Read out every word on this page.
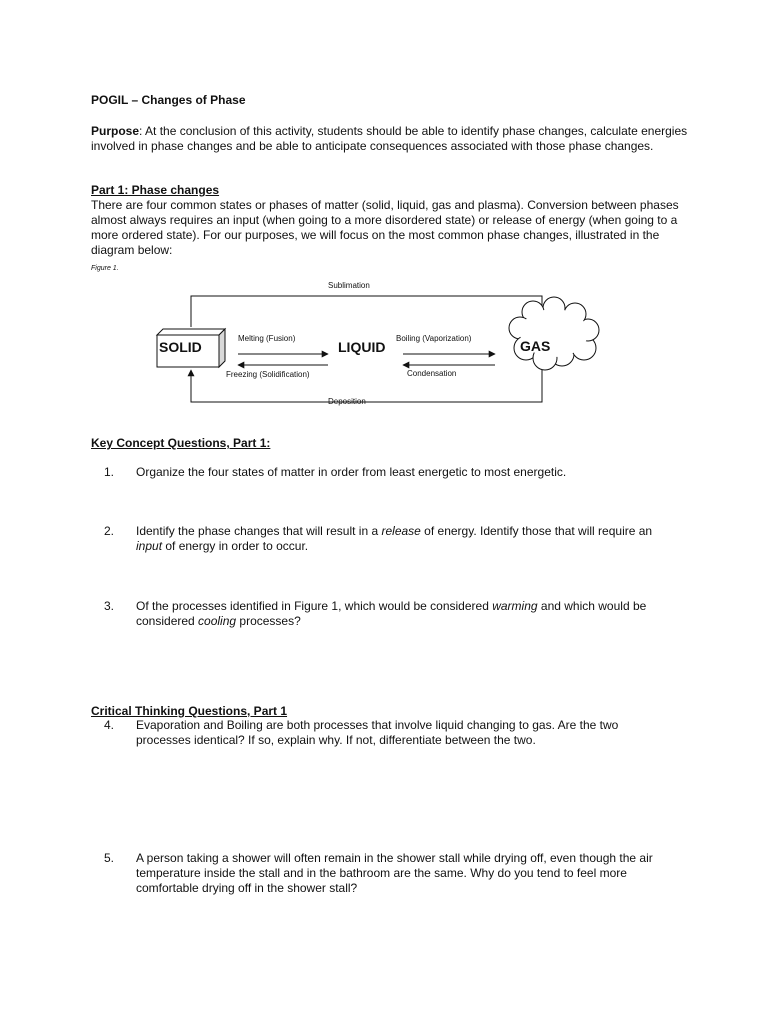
POGIL – Changes of Phase

Purpose: At the conclusion of this activity, students should be able to identify phase changes, calculate energies involved in phase changes and be able to anticipate consequences associated with those phase changes.

Part 1: Phase changes

There are four common states or phases of matter (solid, liquid, gas and plasma). Conversion between phases almost always requires an input (when going to a more disordered state) or release of energy (when going to a more ordered state). For our purposes, we will focus on the most common phase changes, illustrated in the diagram below:

Figure 1.

SOLID	LIQUID	GAS
Sublimation
Melting (Fusion)
Freezing (Solidification)
Boiling (Vaporization)
Condensation
Deposition

Key Concept Questions, Part 1:

1. Organize the four states of matter in order from least energetic to most energetic.
2. Identify the phase changes that will result in a release of energy. Identify those that will require an input of energy in order to occur.
3. Of the processes identified in Figure 1, which would be considered warming and which would be considered cooling processes?

Critical Thinking Questions, Part 1

4. Evaporation and Boiling are both processes that involve liquid changing to gas. Are the two processes identical? If so, explain why. If not, differentiate between the two.
5. A person taking a shower will often remain in the shower stall while drying off, even though the air temperature inside the stall and in the bathroom are the same. Why do you tend to feel more comfortable drying off in the shower stall?
